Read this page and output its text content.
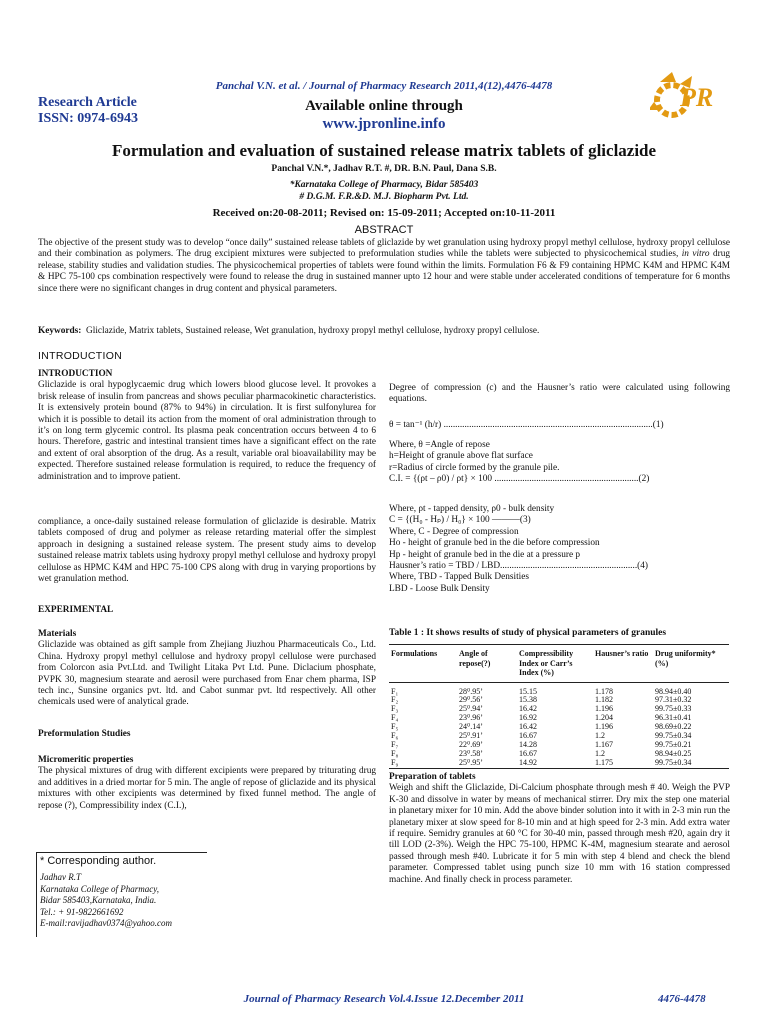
Panchal V.N. et al. / Journal of Pharmacy Research 2011,4(12),4476-4478
Research Article
ISSN: 0974-6943
Available online through
www.jpronline.info
PR
Formulation and evaluation of sustained release matrix tablets of gliclazide
Panchal V.N.*, Jadhav R.T. #, DR. B.N. Paul, Dana S.B.
*Karnataka College of Pharmacy, Bidar 585403
# D.G.M. F.R.&D. M.J. Biopharm Pvt. Ltd.
Received on:20-08-2011; Revised on: 15-09-2011; Accepted on:10-11-2011
ABSTRACT
The objective of the present study was to develop “once daily” sustained release tablets of gliclazide by wet granulation using hydroxy propyl methyl cellulose, hydroxy propyl cellulose and their combination as polymers. The drug excipient mixtures were subjected to preformulation studies while the tablets were subjected to physicochemical studies, in vitro drug release, stability studies and validation studies. The physicochemical properties of tablets were found within the limits. Formulation F6 & F9 containing HPMC K4M and HPMC K4M & HPC 75-100 cps combination respectively were found to release the drug in sustained manner upto 12 hour and were stable under accelerated conditions of temperature for 6 months since there were no significant changes in drug content and physical parameters.
Keywords: Gliclazide, Matrix tablets, Sustained release, Wet granulation, hydroxy propyl methyl cellulose, hydroxy propyl cellulose.
INTRODUCTION
INTRODUCTION
Gliclazide is oral hypoglycaemic drug which lowers blood glucose level. It provokes a brisk release of insulin from pancreas and shows peculiar pharmacokinetic characteristics. It is extensively protein bound (87% to 94%) in circulation. It is first sulfonylurea for which it is possible to detail its action from the moment of oral administration through to it’s on long term glycemic control. Its plasma peak concentration occurs between 4 to 6 hours. Therefore, gastric and intestinal transient times have a significant effect on the rate and extent of oral absorption of the drug. As a result, variable oral bioavailability may be expected. Therefore sustained release formulation is required, to reduce the frequency of administration and to improve patient.
compliance, a once-daily sustained release formulation of gliclazide is desirable. Matrix tablets composed of drug and polymer as release retarding material offer the simplest approach in designing a sustained release system. The present study aims to develop sustained release matrix tablets using hydroxy propyl methyl cellulose and hydroxy propyl cellulose as HPMC K4M and HPC 75-100 CPS along with drug in varying proportions by wet granulation method.
EXPERIMENTAL
Materials
Gliclazide was obtained as gift sample from Zhejiang Jiuzhou Pharmaceuticals Co., Ltd. China. Hydroxy propyl methyl cellulose and hydroxy propyl cellulose were purchased from Colorcon asia Pvt.Ltd. and Twilight Litaka Pvt Ltd. Pune. Diclacium phosphate, PVPK 30, magnesium stearate and aerosil were purchased from Enar chem pharma, ISP tech inc., Sunsine organics pvt. ltd. and Cabot sunmar pvt. ltd respectively. All other chemicals used were of analytical grade.
Preformulation Studies
Micromeritic properties
The physical mixtures of drug with different excipients were prepared by triturating drug and additives in a dried mortar for 5 min. The angle of repose of gliclazide and its physical mixtures with other excipients was determined by fixed funnel method. The angle of repose (?), Compressibility index (C.I.),
* Corresponding author.
Jadhav R.T
Karnataka College of Pharmacy,
Bidar 585403,Karnataka, India.
Tel.: + 91-9822661692
E-mail:ravijadhav0374@yahoo.com
Degree of compression (c) and the Hausner’s ratio were calculated using following equations.
θ = tan⁻¹ (h/r) ..........................................................................................(1)
Where, θ =Angle of repose
h=Height of granule above flat surface
r=Radius of circle formed by the granule pile.
C.I. = {(ρt – ρ0) / ρt} × 100 ..............................................................(2)
Where, ρt - tapped density, ρ0 - bulk density
C = {(H₀ - Hₚ) / H₀} × 100 ———(3)
Where, C - Degree of compression
Ho - height of granule bed in the die before compression
Hp - height of granule bed in the die at a pressure p
Hausner’s ratio = TBD / LBD...........................................................(4)
Where, TBD - Tapped Bulk Densities
LBD - Loose Bulk Density
Table 1 : It shows results of study of physical parameters of granules
Formulations	Angle of repose(?)	Compressibility Index or Carr’s Index (%)	Hausner’s ratio	Drug uniformity* (%)
F₁	28⁰.95’	15.15	1.178	98.94±0.40
F₂	29⁰.56’	15.38	1.182	97.31±0.32
F₃	25⁰.94’	16.42	1.196	99.75±0.33
F₄	23⁰.96’	16.92	1.204	96.31±0.41
F₅	24⁰.14’	16.42	1.196	98.69±0.22
F₆	25⁰.91’	16.67	1.2	99.75±0.34
F₇	22⁰.69’	14.28	1.167	99.75±0.21
F₈	23⁰.58’	16.67	1.2	98.94±0.25
F₉	25⁰.95’	14.92	1.175	99.75±0.34
Preparation of tablets
Weigh and shift the Gliclazide, Di-Calcium phosphate through mesh # 40. Weigh the PVP K-30 and dissolve in water by means of mechanical stirrer. Dry mix the step one material in planetary mixer for 10 min. Add the above binder solution into it with in 2-3 min run the planetary mixer at slow speed for 8-10 min and at high speed for 2-3 min. Add extra water if require. Semidry granules at 60 °C for 30-40 min, passed through mesh #20, again dry it till LOD (2-3%). Weigh the HPC 75-100, HPMC K-4M, magnesium stearate and aerosol passed through mesh #40. Lubricate it for 5 min with step 4 blend and check the blend parameter. Compressed tablet using punch size 10 mm with 16 station compressed machine. And finally check in process parameter.
Journal of Pharmacy Research Vol.4.Issue 12.December 2011	4476-4478
